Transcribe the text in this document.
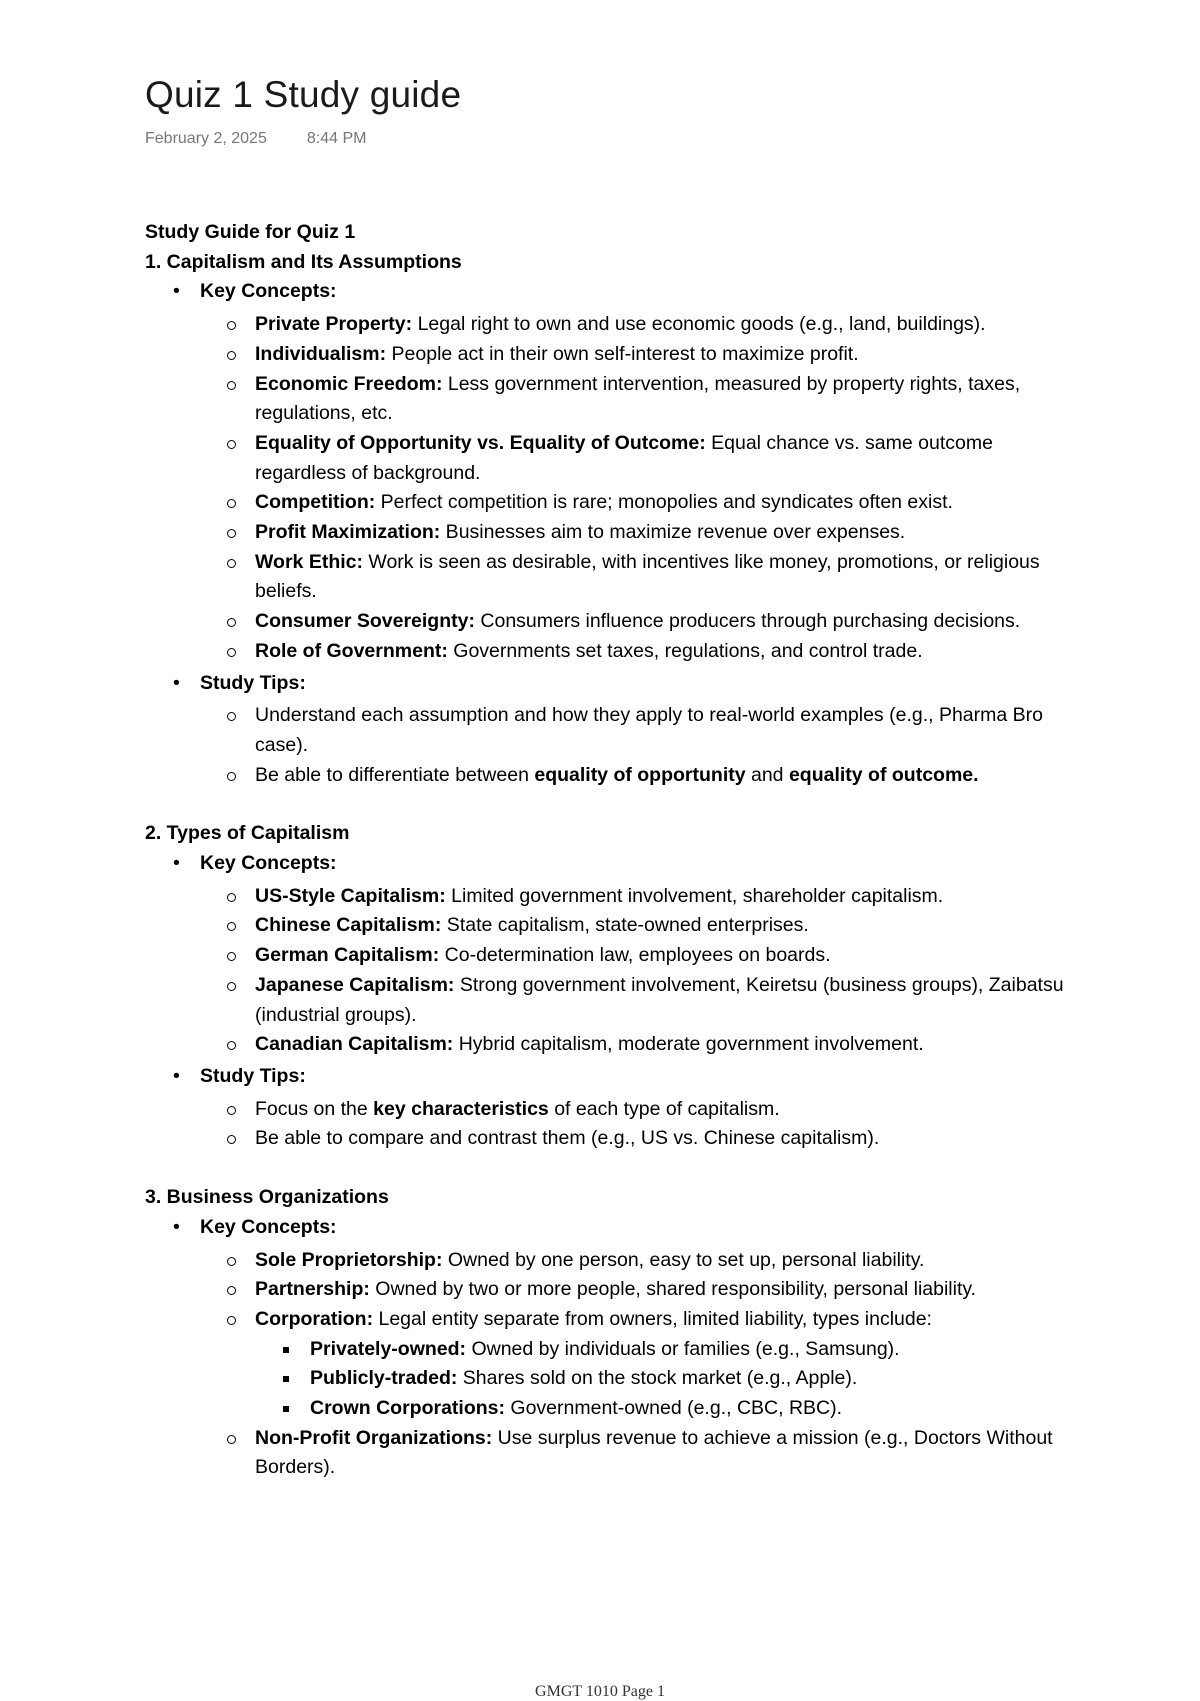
Quiz 1 Study guide
February 2, 2025	8:44 PM

Study Guide for Quiz 1

1. Capitalism and Its Assumptions

• Key Concepts:
Private Property: Legal right to own and use economic goods (e.g., land, buildings).
Individualism: People act in their own self-interest to maximize profit.
Economic Freedom: Less government intervention, measured by property rights, taxes, regulations, etc.
Equality of Opportunity vs. Equality of Outcome: Equal chance vs. same outcome regardless of background.
Competition: Perfect competition is rare; monopolies and syndicates often exist.
Profit Maximization: Businesses aim to maximize revenue over expenses.
Work Ethic: Work is seen as desirable, with incentives like money, promotions, or religious beliefs.
Consumer Sovereignty: Consumers influence producers through purchasing decisions.
Role of Government: Governments set taxes, regulations, and control trade.
• Study Tips:
Understand each assumption and how they apply to real-world examples (e.g., Pharma Bro case).
Be able to differentiate between equality of opportunity and equality of outcome.

2. Types of Capitalism

• Key Concepts:
US-Style Capitalism: Limited government involvement, shareholder capitalism.
Chinese Capitalism: State capitalism, state-owned enterprises.
German Capitalism: Co-determination law, employees on boards.
Japanese Capitalism: Strong government involvement, Keiretsu (business groups), Zaibatsu (industrial groups).
Canadian Capitalism: Hybrid capitalism, moderate government involvement.
• Study Tips:
Focus on the key characteristics of each type of capitalism.
Be able to compare and contrast them (e.g., US vs. Chinese capitalism).

3. Business Organizations

• Key Concepts:
Sole Proprietorship: Owned by one person, easy to set up, personal liability.
Partnership: Owned by two or more people, shared responsibility, personal liability.
Corporation: Legal entity separate from owners, limited liability, types include:
Privately-owned: Owned by individuals or families (e.g., Samsung).
Publicly-traded: Shares sold on the stock market (e.g., Apple).
Crown Corporations: Government-owned (e.g., CBC, RBC).
Non-Profit Organizations: Use surplus revenue to achieve a mission (e.g., Doctors Without Borders).
GMGT 1010 Page 1
